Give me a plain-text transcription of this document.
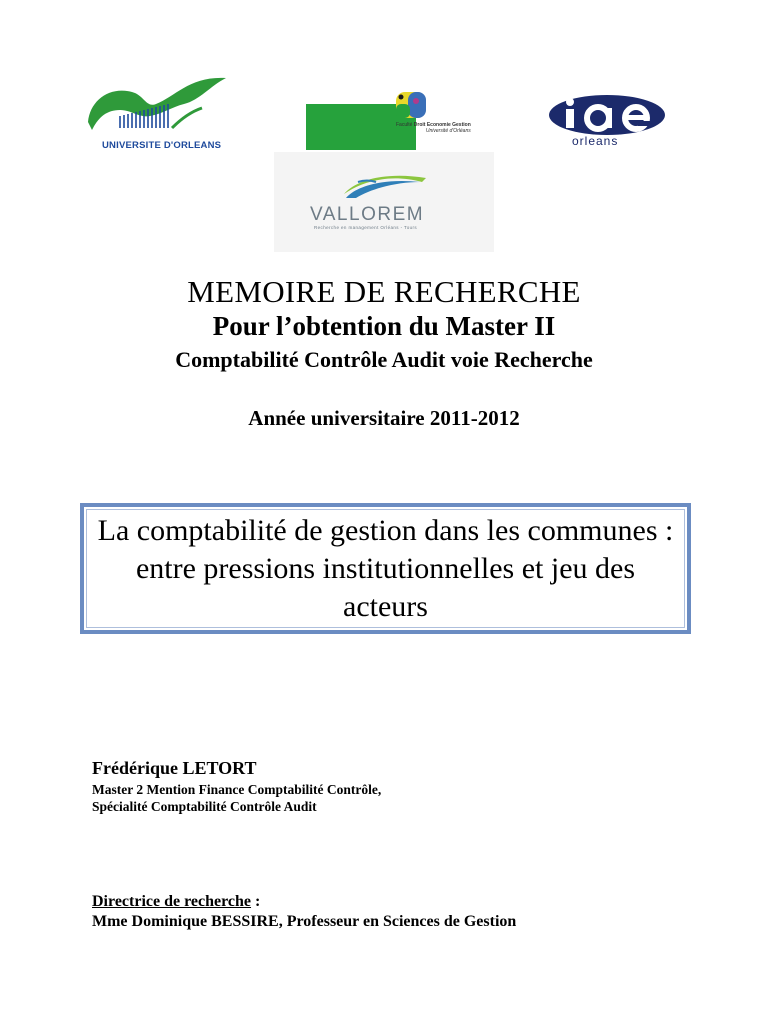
UNIVERSITE D'ORLEANS
Faculté Droit Economie Gestion
Université d'Orléans
orleans
VALLOREM
Recherche en management Orléans - Tours
MEMOIRE DE RECHERCHE
Pour l’obtention du Master II
Comptabilité Contrôle Audit voie Recherche
Année universitaire 2011-2012
La comptabilité de gestion dans les communes : entre pressions institutionnelles et jeu des acteurs
Frédérique LETORT
Master 2 Mention Finance Comptabilité Contrôle,
Spécialité Comptabilité Contrôle Audit
Directrice de recherche :
Mme Dominique BESSIRE, Professeur en Sciences de Gestion
